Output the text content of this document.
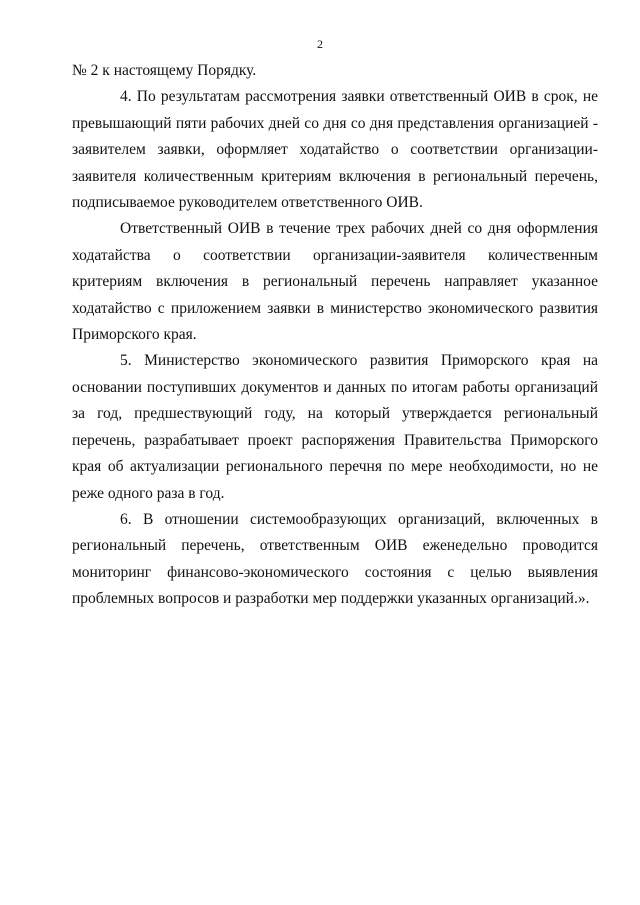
2

№ 2 к настоящему Порядку.

4. По результатам рассмотрения заявки ответственный ОИВ в срок, не превышающий пяти рабочих дней со дня со дня представления организацией - заявителем заявки, оформляет ходатайство о соответствии организации-заявителя количественным критериям включения в региональный перечень, подписываемое руководителем ответственного ОИВ.

Ответственный ОИВ в течение трех рабочих дней со дня оформления ходатайства о соответствии организации-заявителя количественным критериям включения в региональный перечень направляет указанное ходатайство с приложением заявки в министерство экономического развития Приморского края.

5. Министерство экономического развития Приморского края на основании поступивших документов и данных по итогам работы организаций за год, предшествующий году, на который утверждается региональный перечень, разрабатывает проект распоряжения Правительства Приморского края об актуализации регионального перечня по мере необходимости, но не реже одного раза в год.

6. В отношении системообразующих организаций, включенных в региональный перечень, ответственным ОИВ еженедельно проводится мониторинг финансово-экономического состояния с целью выявления проблемных вопросов и разработки мер поддержки указанных организаций.».
